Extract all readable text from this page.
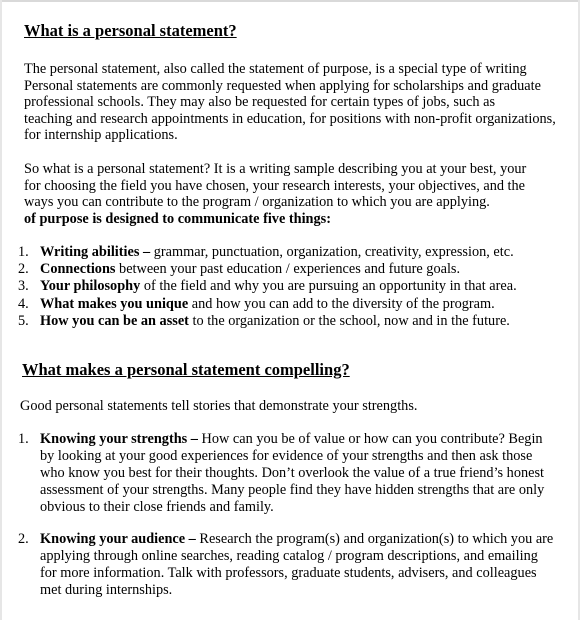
What is a personal statement?
The personal statement, also called the statement of purpose, is a special type of writing
Personal statements are commonly requested when applying for scholarships and graduate
professional schools. They may also be requested for certain types of jobs, such as
teaching and research appointments in education, for positions with non-profit organizations,
for internship applications.
So what is a personal statement? It is a writing sample describing you at your best, your
for choosing the field you have chosen, your research interests, your objectives, and the
ways you can contribute to the program / organization to which you are applying.
of purpose is designed to communicate five things:
1. Writing abilities – grammar, punctuation, organization, creativity, expression, etc.
2. Connections between your past education / experiences and future goals.
3. Your philosophy of the field and why you are pursuing an opportunity in that area.
4. What makes you unique and how you can add to the diversity of the program.
5. How you can be an asset to the organization or the school, now and in the future.
What makes a personal statement compelling?
Good personal statements tell stories that demonstrate your strengths.
1. Knowing your strengths – How can you be of value or how can you contribute? Begin
by looking at your good experiences for evidence of your strengths and then ask those
who know you best for their thoughts. Don’t overlook the value of a true friend’s honest
assessment of your strengths. Many people find they have hidden strengths that are only
obvious to their close friends and family.
2. Knowing your audience – Research the program(s) and organization(s) to which you are
applying through online searches, reading catalog / program descriptions, and emailing
for more information. Talk with professors, graduate students, advisers, and colleagues
met during internships.
